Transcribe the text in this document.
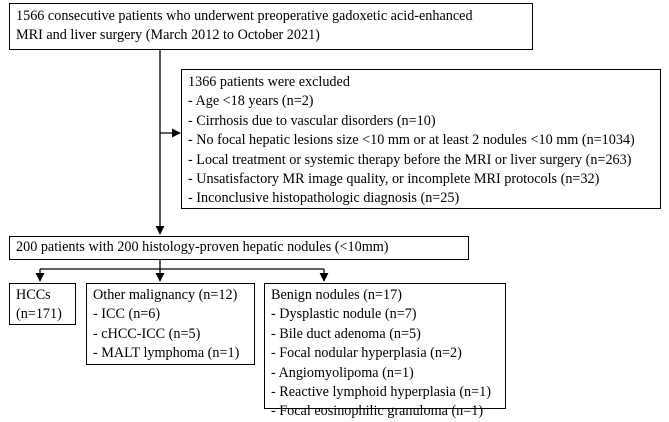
1566 consecutive patients who underwent preoperative gadoxetic acid-enhanced
MRI and liver surgery (March 2012 to October 2021)
1366 patients were excluded
- Age <18 years (n=2)
- Cirrhosis due to vascular disorders (n=10)
- No focal hepatic lesions size <10 mm or at least 2 nodules <10 mm (n=1034)
- Local treatment or systemic therapy before the MRI or liver surgery (n=263)
- Unsatisfactory MR image quality, or incomplete MRI protocols (n=32)
- Inconclusive histopathologic diagnosis (n=25)
200 patients with 200 histology-proven hepatic nodules (<10mm)
HCCs
(n=171)
Other malignancy (n=12)
- ICC (n=6)
- cHCC-ICC (n=5)
- MALT lymphoma (n=1)
Benign nodules (n=17)
- Dysplastic nodule (n=7)
- Bile duct adenoma (n=5)
- Focal nodular hyperplasia (n=2)
- Angiomyolipoma (n=1)
- Reactive lymphoid hyperplasia (n=1)
- Focal eosinophilic granuloma (n=1)
